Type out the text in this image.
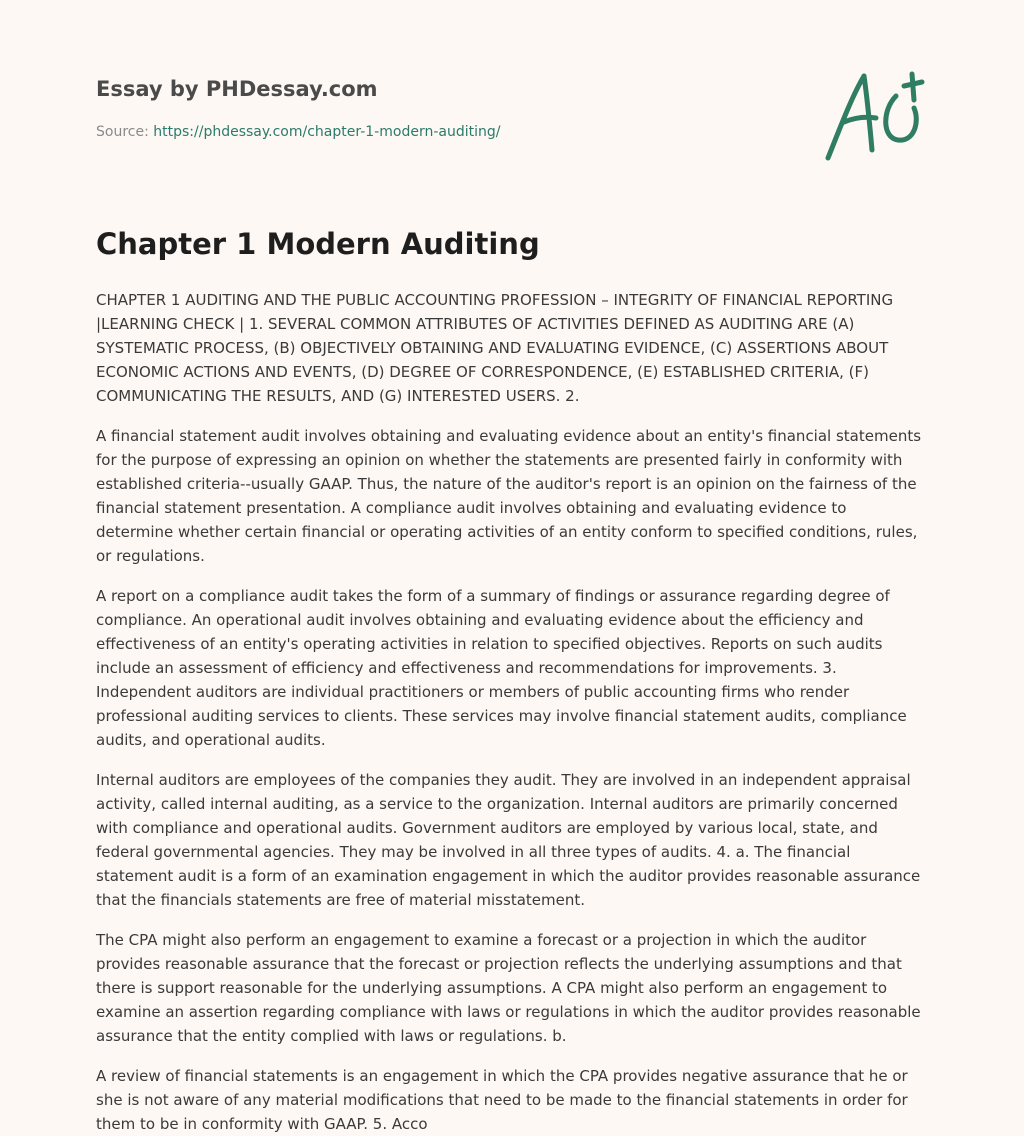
Essay by PHDessay.com
Source: https://phdessay.com/chapter-1-modern-auditing/
Chapter 1 Modern Auditing

CHAPTER 1 AUDITING AND THE PUBLIC ACCOUNTING PROFESSION – INTEGRITY OF FINANCIAL REPORTING |LEARNING CHECK | 1. SEVERAL COMMON ATTRIBUTES OF ACTIVITIES DEFINED AS AUDITING ARE (A) SYSTEMATIC PROCESS, (B) OBJECTIVELY OBTAINING AND EVALUATING EVIDENCE, (C) ASSERTIONS ABOUT ECONOMIC ACTIONS AND EVENTS, (D) DEGREE OF CORRESPONDENCE, (E) ESTABLISHED CRITERIA, (F) COMMUNICATING THE RESULTS, AND (G) INTERESTED USERS. 2.

A financial statement audit involves obtaining and evaluating evidence about an entity's financial statements for the purpose of expressing an opinion on whether the statements are presented fairly in conformity with established criteria--usually GAAP. Thus, the nature of the auditor's report is an opinion on the fairness of the financial statement presentation. A compliance audit involves obtaining and evaluating evidence to determine whether certain financial or operating activities of an entity conform to specified conditions, rules, or regulations.

A report on a compliance audit takes the form of a summary of findings or assurance regarding degree of compliance. An operational audit involves obtaining and evaluating evidence about the efficiency and effectiveness of an entity's operating activities in relation to specified objectives. Reports on such audits include an assessment of efficiency and effectiveness and recommendations for improvements. 3. Independent auditors are individual practitioners or members of public accounting firms who render professional auditing services to clients. These services may involve financial statement audits, compliance audits, and operational audits.

Internal auditors are employees of the companies they audit. They are involved in an independent appraisal activity, called internal auditing, as a service to the organization. Internal auditors are primarily concerned with compliance and operational audits. Government auditors are employed by various local, state, and federal governmental agencies. They may be involved in all three types of audits. 4. a. The financial statement audit is a form of an examination engagement in which the auditor provides reasonable assurance that the financials statements are free of material misstatement.

The CPA might also perform an engagement to examine a forecast or a projection in which the auditor provides reasonable assurance that the forecast or projection reflects the underlying assumptions and that there is support reasonable for the underlying assumptions. A CPA might also perform an engagement to examine an assertion regarding compliance with laws or regulations in which the auditor provides reasonable assurance that the entity complied with laws or regulations. b.

A review of financial statements is an engagement in which the CPA provides negative assurance that he or she is not aware of any material modifications that need to be made to the financial statements in order for them to be in conformity with GAAP. 5. Acco
